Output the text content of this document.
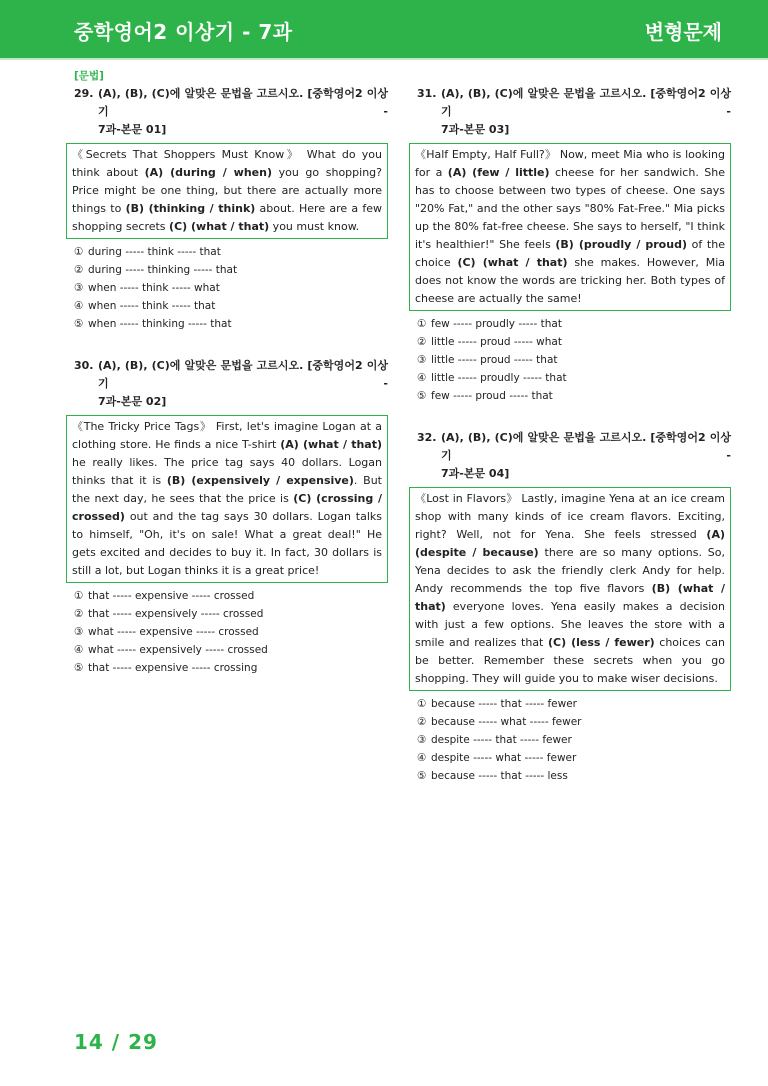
중학영어2 이상기 - 7과	변형문제
[문법]
29. (A), (B), (C)에 알맞은 문법을 고르시오. [중학영어2 이상기 -
7과-본문 01]
《Secrets That Shoppers Must Know》 What do you think about (A) (during / when) you go shopping? Price might be one thing, but there are actually more things to (B) (thinking / think) about. Here are a few shopping secrets (C) (what / that) you must know.
① during ----- think ----- that
② during ----- thinking ----- that
③ when ----- think ----- what
④ when ----- think ----- that
⑤ when ----- thinking ----- that
30. (A), (B), (C)에 알맞은 문법을 고르시오. [중학영어2 이상기 -
7과-본문 02]
《The Tricky Price Tags》 First, let's imagine Logan at a clothing store. He finds a nice T-shirt (A) (what / that) he really likes. The price tag says 40 dollars. Logan thinks that it is (B) (expensively / expensive). But the next day, he sees that the price is (C) (crossing / crossed) out and the tag says 30 dollars. Logan talks to himself, "Oh, it's on sale! What a great deal!" He gets excited and decides to buy it. In fact, 30 dollars is still a lot, but Logan thinks it is a great price!
① that ----- expensive ----- crossed
② that ----- expensively ----- crossed
③ what ----- expensive ----- crossed
④ what ----- expensively ----- crossed
⑤ that ----- expensive ----- crossing
31. (A), (B), (C)에 알맞은 문법을 고르시오. [중학영어2 이상기 -
7과-본문 03]
《Half Empty, Half Full?》 Now, meet Mia who is looking for a (A) (few / little) cheese for her sandwich. She has to choose between two types of cheese. One says "20% Fat," and the other says "80% Fat-Free." Mia picks up the 80% fat-free cheese. She says to herself, "I think it's healthier!" She feels (B) (proudly / proud) of the choice (C) (what / that) she makes. However, Mia does not know the words are tricking her. Both types of cheese are actually the same!
① few ----- proudly ----- that
② little ----- proud ----- what
③ little ----- proud ----- that
④ little ----- proudly ----- that
⑤ few ----- proud ----- that
32. (A), (B), (C)에 알맞은 문법을 고르시오. [중학영어2 이상기 -
7과-본문 04]
《Lost in Flavors》 Lastly, imagine Yena at an ice cream shop with many kinds of ice cream flavors. Exciting, right? Well, not for Yena. She feels stressed (A) (despite / because) there are so many options. So, Yena decides to ask the friendly clerk Andy for help. Andy recommends the top five flavors (B) (what / that) everyone loves. Yena easily makes a decision with just a few options. She leaves the store with a smile and realizes that (C) (less / fewer) choices can be better. Remember these secrets when you go shopping. They will guide you to make wiser decisions.
① because ----- that ----- fewer
② because ----- what ----- fewer
③ despite ----- that ----- fewer
④ despite ----- what ----- fewer
⑤ because ----- that ----- less
14 / 29
